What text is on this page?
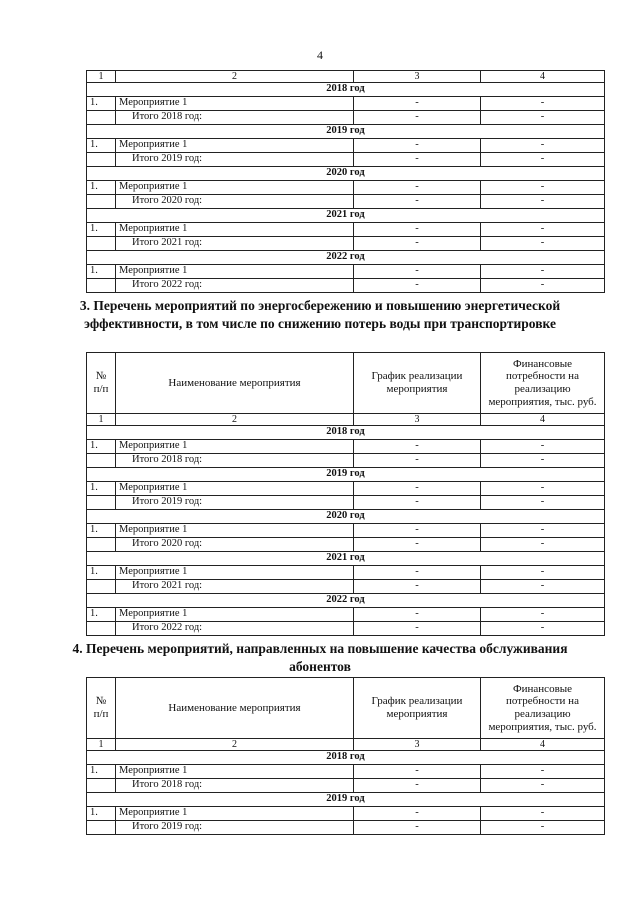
4
1	2	3	4
2018 год			
1.	Мероприятие 1	-	-
	Итого 2018 год:	-	-
2019 год			
1.	Мероприятие 1	-	-
	Итого 2019 год:	-	-
2020 год			
1.	Мероприятие 1	-	-
	Итого 2020 год:	-	-
2021 год			
1.	Мероприятие 1	-	-
	Итого 2021 год:	-	-
2022 год			
1.	Мероприятие 1	-	-
	Итого 2022 год:	-	-
3. Перечень мероприятий по энергосбережению и повышению энергетической эффективности, в том числе по снижению потерь воды при транспортировке
№ п/п	Наименование мероприятия	График реализации мероприятия	Финансовые потребности на реализацию мероприятия, тыс. руб.
1	2	3	4
2018 год			
1.	Мероприятие 1	-	-
	Итого 2018 год:	-	-
2019 год			
1.	Мероприятие 1	-	-
	Итого 2019 год:	-	-
2020 год			
1.	Мероприятие 1	-	-
	Итого 2020 год:	-	-
2021 год			
1.	Мероприятие 1	-	-
	Итого 2021 год:	-	-
2022 год			
1.	Мероприятие 1	-	-
	Итого 2022 год:	-	-
4. Перечень мероприятий, направленных на повышение качества обслуживания абонентов
№ п/п	Наименование мероприятия	График реализации мероприятия	Финансовые потребности на реализацию мероприятия, тыс. руб.
1	2	3	4
2018 год			
1.	Мероприятие 1	-	-
	Итого 2018 год:	-	-
2019 год			
1.	Мероприятие 1	-	-
	Итого 2019 год:	-	-
